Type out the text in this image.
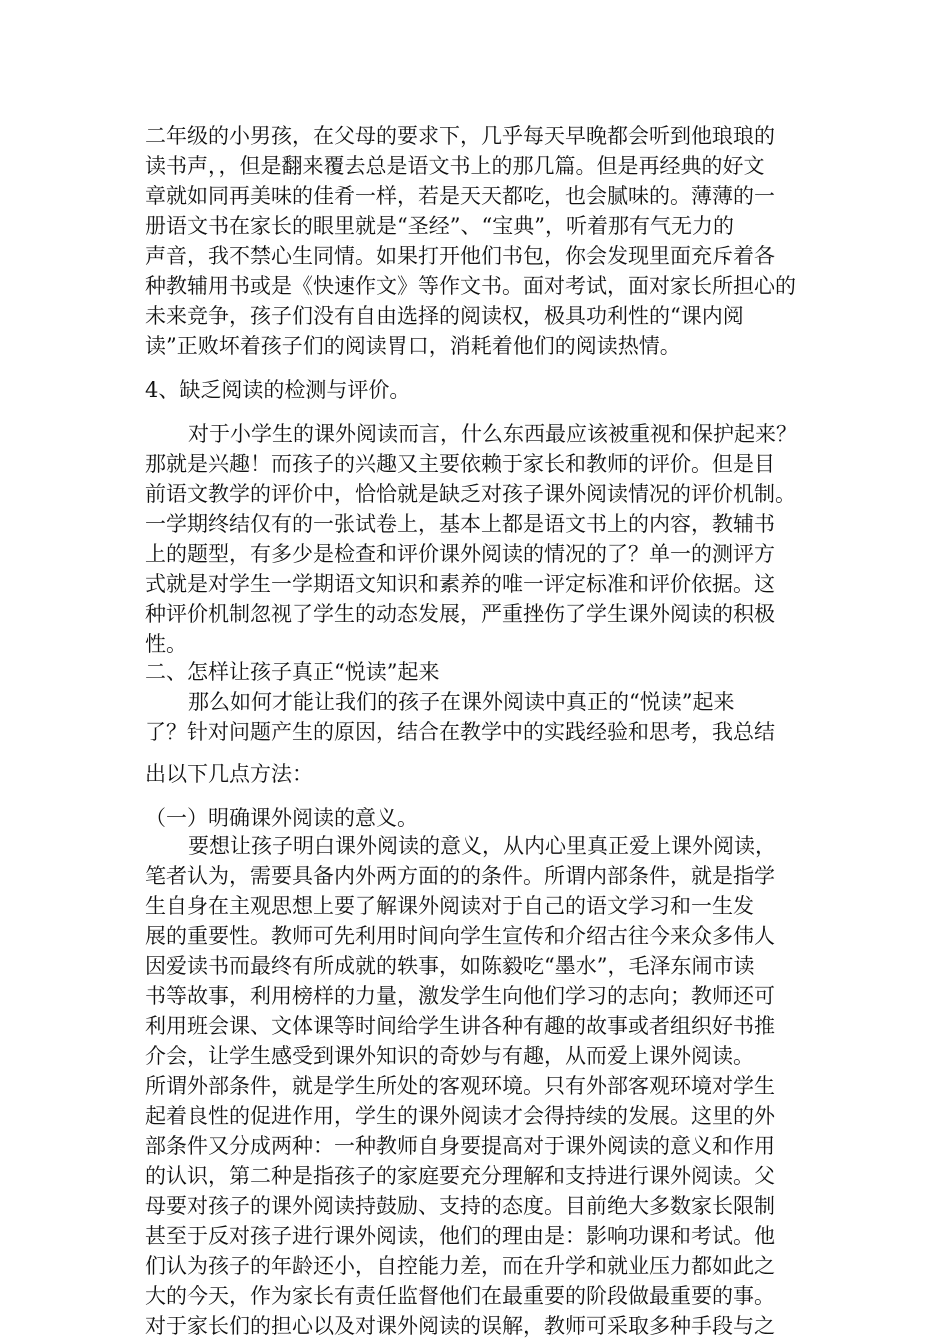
二年级的小男孩，在父母的要求下，几乎每天早晚都会听到他琅琅的

读书声，，但是翻来覆去总是语文书上的那几篇。但是再经典的好文

章就如同再美味的佳肴一样，若是天天都吃，也会腻味的。薄薄的一

册语文书在家长的眼里就是“圣经”、“宝典”，听着那有气无力的

声音，我不禁心生同情。如果打开他们书包，你会发现里面充斥着各

种教辅用书或是《快速作文》等作文书。面对考试，面对家长所担心的

未来竞争，孩子们没有自由选择的阅读权，极具功利性的“课内阅

读”正败坏着孩子们的阅读胃口，消耗着他们的阅读热情。

4、缺乏阅读的检测与评价。

对于小学生的课外阅读而言，什么东西最应该被重视和保护起来？

那就是兴趣！而孩子的兴趣又主要依赖于家长和教师的评价。但是目

前语文教学的评价中，恰恰就是缺乏对孩子课外阅读情况的评价机制。

一学期终结仅有的一张试卷上，基本上都是语文书上的内容，教辅书

上的题型，有多少是检查和评价课外阅读的情况的了？单一的测评方

式就是对学生一学期语文知识和素养的唯一评定标准和评价依据。这

种评价机制忽视了学生的动态发展，严重挫伤了学生课外阅读的积极

性。

二、怎样让孩子真正“悦读”起来

那么如何才能让我们的孩子在课外阅读中真正的“悦读”起来

了？针对问题产生的原因，结合在教学中的实践经验和思考，我总结

出以下几点方法：

（一）明确课外阅读的意义。

要想让孩子明白课外阅读的意义，从内心里真正爱上课外阅读，

笔者认为，需要具备内外两方面的的条件。所谓内部条件，就是指学

生自身在主观思想上要了解课外阅读对于自己的语文学习和一生发

展的重要性。教师可先利用时间向学生宣传和介绍古往今来众多伟人

因爱读书而最终有所成就的轶事，如陈毅吃“墨水”，毛泽东闹市读

书等故事，利用榜样的力量，激发学生向他们学习的志向；教师还可

利用班会课、文体课等时间给学生讲各种有趣的故事或者组织好书推

介会，让学生感受到课外知识的奇妙与有趣，从而爱上课外阅读。

所谓外部条件，就是学生所处的客观环境。只有外部客观环境对学生

起着良性的促进作用，学生的课外阅读才会得持续的发展。这里的外

部条件又分成两种：一种教师自身要提高对于课外阅读的意义和作用

的认识，第二种是指孩子的家庭要充分理解和支持进行课外阅读。父

母要对孩子的课外阅读持鼓励、支持的态度。目前绝大多数家长限制

甚至于反对孩子进行课外阅读，他们的理由是：影响功课和考试。他

们认为孩子的年龄还小，自控能力差，而在升学和就业压力都如此之

大的今天，作为家长有责任监督他们在最重要的阶段做最重要的事。

对于家长们的担心以及对课外阅读的误解，教师可采取多种手段与之
